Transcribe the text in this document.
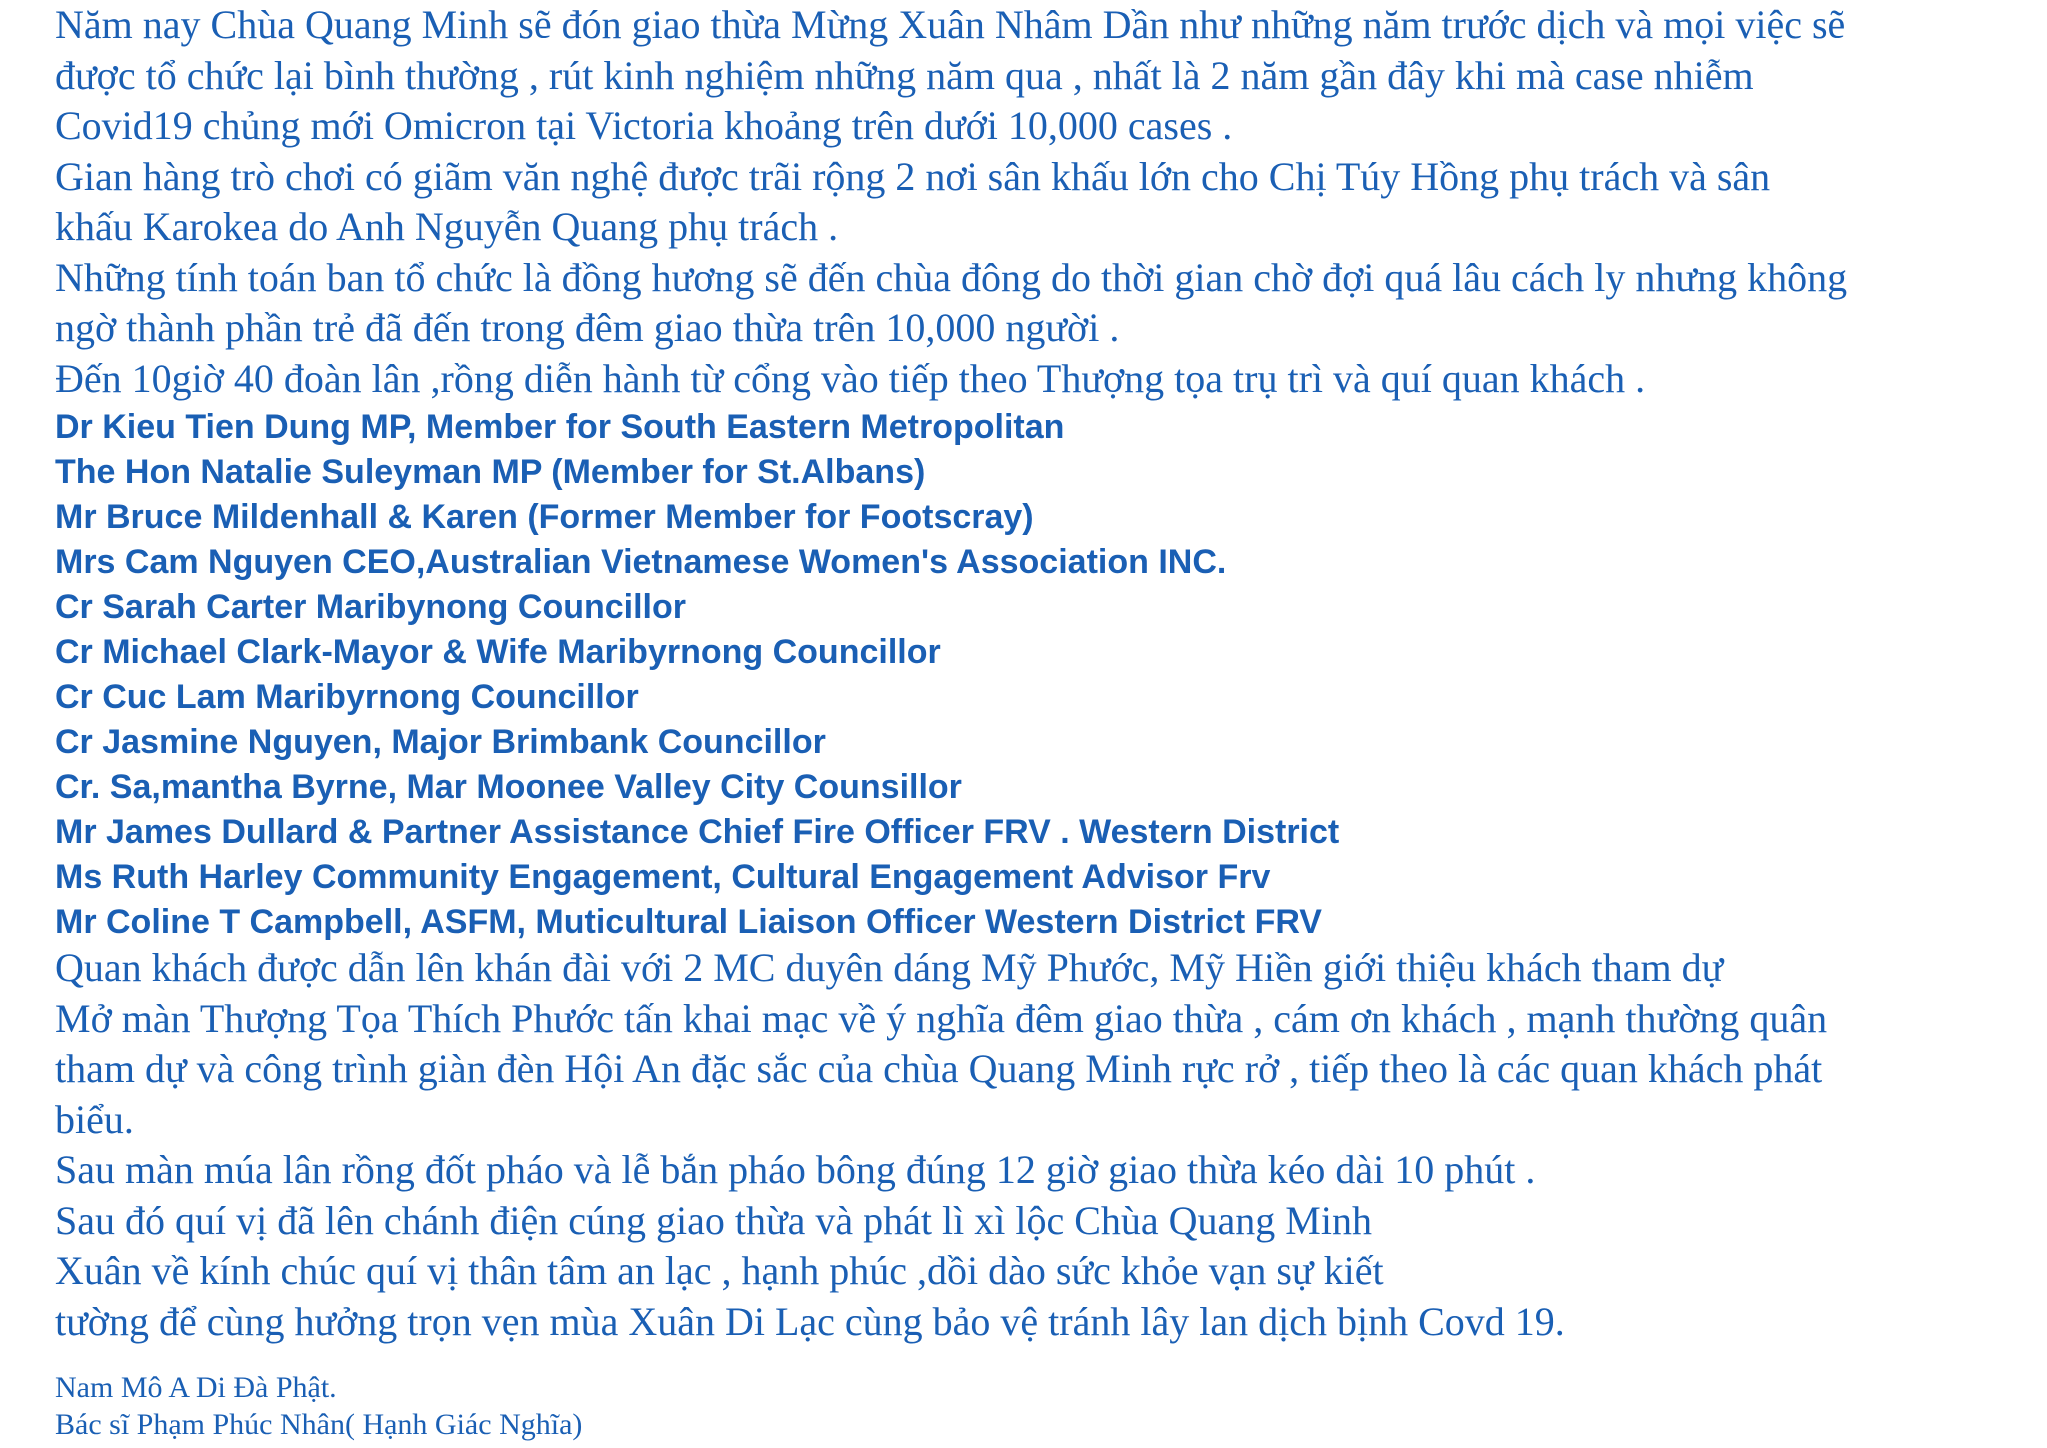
Năm nay Chùa Quang Minh sẽ đón giao thừa Mừng Xuân Nhâm Dần như những năm trước dịch và mọi việc sẽ

được tổ chức lại bình thường , rút kinh nghiệm những năm qua , nhất là 2 năm gần đây khi mà case nhiễm

Covid19 chủng mới Omicron tại Victoria khoảng trên dưới 10,000 cases .

Gian hàng trò chơi có giãm văn nghệ được trãi rộng 2 nơi sân khấu lớn cho Chị Túy Hồng phụ trách và sân

khấu Karokea do Anh Nguyễn Quang phụ trách .

Những tính toán ban tổ chức là đồng hương sẽ đến chùa đông do thời gian chờ đợi quá lâu cách ly nhưng không

ngờ thành phần trẻ đã đến trong đêm giao thừa trên 10,000 người .

Đến 10giờ 40 đoàn lân ,rồng diễn hành từ cổng vào tiếp theo Thượng tọa trụ trì và quí quan khách .

Dr Kieu Tien Dung MP, Member for South Eastern Metropolitan

The Hon Natalie Suleyman MP (Member for St.Albans)

Mr Bruce Mildenhall & Karen (Former Member for Footscray)

Mrs Cam Nguyen CEO,Australian Vietnamese Women's Association INC.

Cr Sarah Carter Maribynong Councillor

Cr Michael Clark-Mayor & Wife Maribyrnong Councillor

Cr Cuc Lam Maribyrnong Councillor

Cr Jasmine Nguyen, Major Brimbank Councillor

Cr. Sa,mantha Byrne, Mar Moonee Valley City Counsillor

Mr James Dullard & Partner Assistance Chief Fire Officer FRV . Western District

Ms Ruth Harley Community Engagement, Cultural Engagement Advisor Frv

Mr Coline T Campbell, ASFM, Muticultural Liaison Officer Western District FRV

Quan khách được dẫn lên khán đài với 2 MC duyên dáng Mỹ Phước, Mỹ Hiền giới thiệu khách tham dự

Mở màn Thượng Tọa Thích Phước tấn khai mạc về ý nghĩa đêm giao thừa , cám ơn khách , mạnh thường quân

tham dự và công trình giàn đèn Hội An đặc sắc của chùa Quang Minh rực rở , tiếp theo là các quan khách phát

biểu.

Sau màn múa lân rồng đốt pháo và lễ bắn pháo bông đúng 12 giờ giao thừa kéo dài 10 phút .

Sau đó quí vị đã lên chánh điện cúng giao thừa và phát lì xì lộc Chùa Quang Minh

Xuân về kính chúc quí vị thân tâm an lạc , hạnh phúc ,dồi dào sức khỏe vạn sự kiết

tường để cùng hưởng trọn vẹn mùa Xuân Di Lạc cùng bảo vệ tránh lây lan dịch bịnh Covd 19.

Nam Mô A Di Đà Phật.

Bác sĩ Phạm Phúc Nhân( Hạnh Giác Nghĩa)
